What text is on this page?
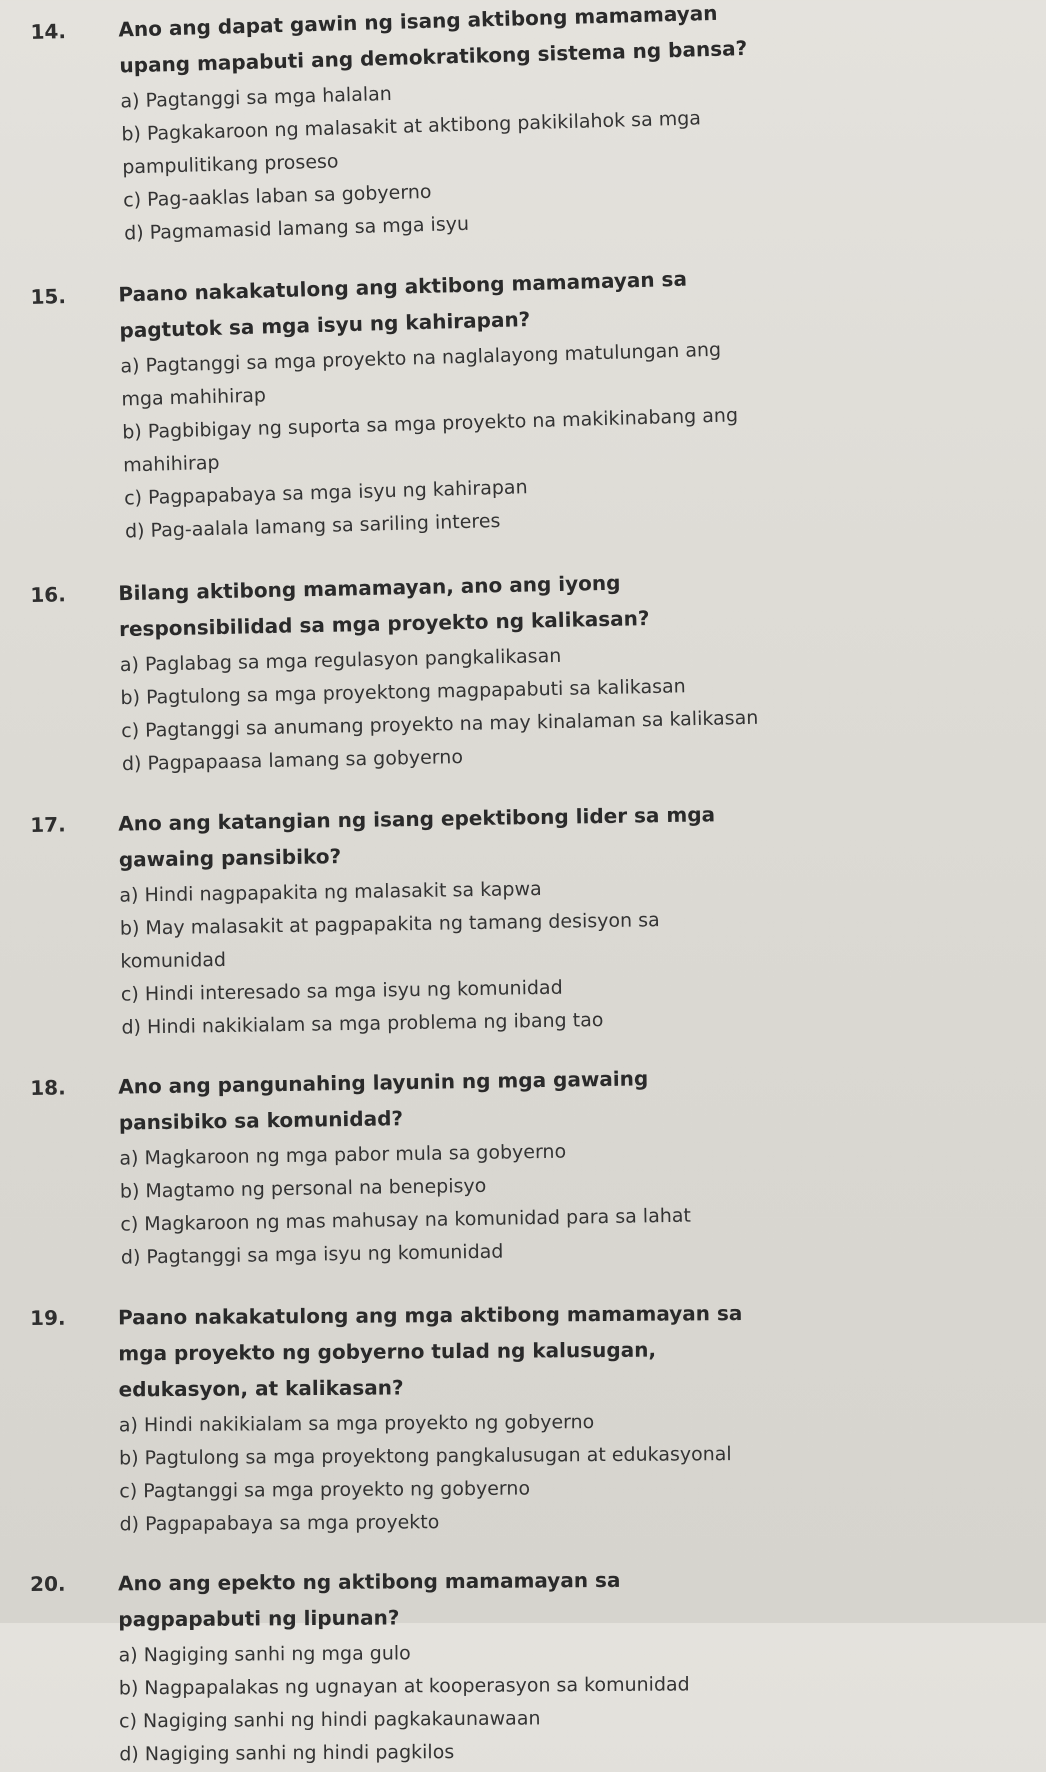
14.	Ano ang dapat gawin ng isang aktibong mamamayan upang mapabuti ang demokratikong sistema ng bansa?
a) Pagtanggi sa mga halalan
b) Pagkakaroon ng malasakit at aktibong pakikilahok sa mga pampulitikang proseso
c) Pag-aaklas laban sa gobyerno
d) Pagmamasid lamang sa mga isyu
15.	Paano nakakatulong ang aktibong mamamayan sa pagtutok sa mga isyu ng kahirapan?
a) Pagtanggi sa mga proyekto na naglalayong matulungan ang mga mahihirap
b) Pagbibigay ng suporta sa mga proyekto na makikinabang ang mahihirap
c) Pagpapabaya sa mga isyu ng kahirapan
d) Pag-aalala lamang sa sariling interes
16.	Bilang aktibong mamamayan, ano ang iyong responsibilidad sa mga proyekto ng kalikasan?
a) Paglabag sa mga regulasyon pangkalikasan
b) Pagtulong sa mga proyektong magpapabuti sa kalikasan
c) Pagtanggi sa anumang proyekto na may kinalaman sa kalikasan
d) Pagpapaasa lamang sa gobyerno
17.	Ano ang katangian ng isang epektibong lider sa mga gawaing pansibiko?
a) Hindi nagpapakita ng malasakit sa kapwa
b) May malasakit at pagpapakita ng tamang desisyon sa komunidad
c) Hindi interesado sa mga isyu ng komunidad
d) Hindi nakikialam sa mga problema ng ibang tao
18.	Ano ang pangunahing layunin ng mga gawaing pansibiko sa komunidad?
a) Magkaroon ng mga pabor mula sa gobyerno
b) Magtamo ng personal na benepisyo
c) Magkaroon ng mas mahusay na komunidad para sa lahat
d) Pagtanggi sa mga isyu ng komunidad
19.	Paano nakakatulong ang mga aktibong mamamayan sa mga proyekto ng gobyerno tulad ng kalusugan, edukasyon, at kalikasan?
a) Hindi nakikialam sa mga proyekto ng gobyerno
b) Pagtulong sa mga proyektong pangkalusugan at edukasyonal
c) Pagtanggi sa mga proyekto ng gobyerno
d) Pagpapabaya sa mga proyekto
20.	Ano ang epekto ng aktibong mamamayan sa pagpapabuti ng lipunan?
a) Nagiging sanhi ng mga gulo
b) Nagpapalakas ng ugnayan at kooperasyon sa komunidad
c) Nagiging sanhi ng hindi pagkakaunawaan
d) Nagiging sanhi ng hindi pagkilos
